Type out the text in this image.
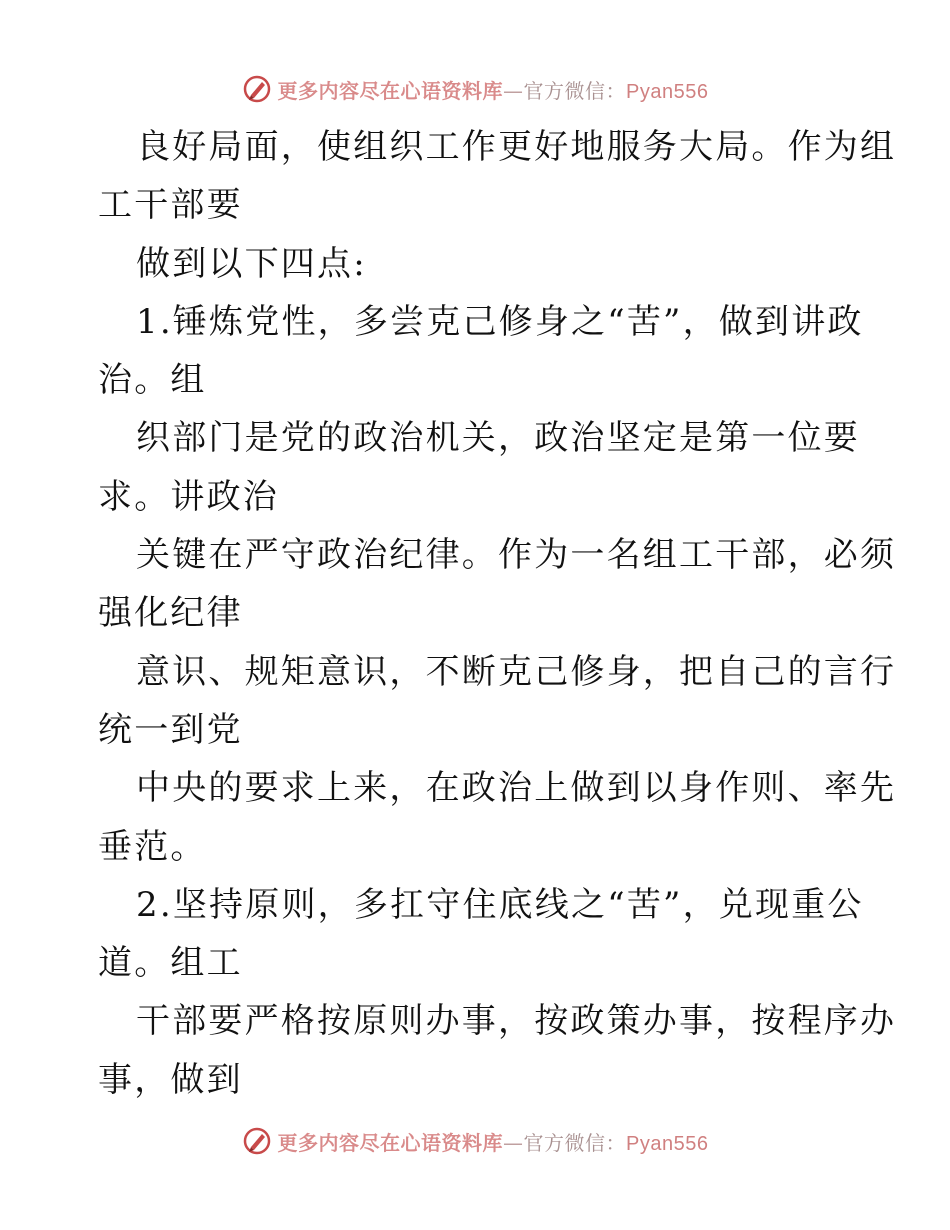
更多内容尽在心语资料库—官方微信：Pyan556
良好局面，使组织工作更好地服务大局。作为组
工干部要
做到以下四点:
1.锤炼党性，多尝克己修身之“苦”，做到讲政
治。组
织部门是党的政治机关，政治坚定是第一位要
求。讲政治
关键在严守政治纪律。作为一名组工干部，必须
强化纪律
意识、规矩意识，不断克己修身，把自己的言行
统一到党
中央的要求上来，在政治上做到以身作则、率先
垂范。
2.坚持原则，多扛守住底线之“苦”，兑现重公
道。组工
干部要严格按原则办事，按政策办事，按程序办
事，做到
更多内容尽在心语资料库—官方微信：Pyan556
